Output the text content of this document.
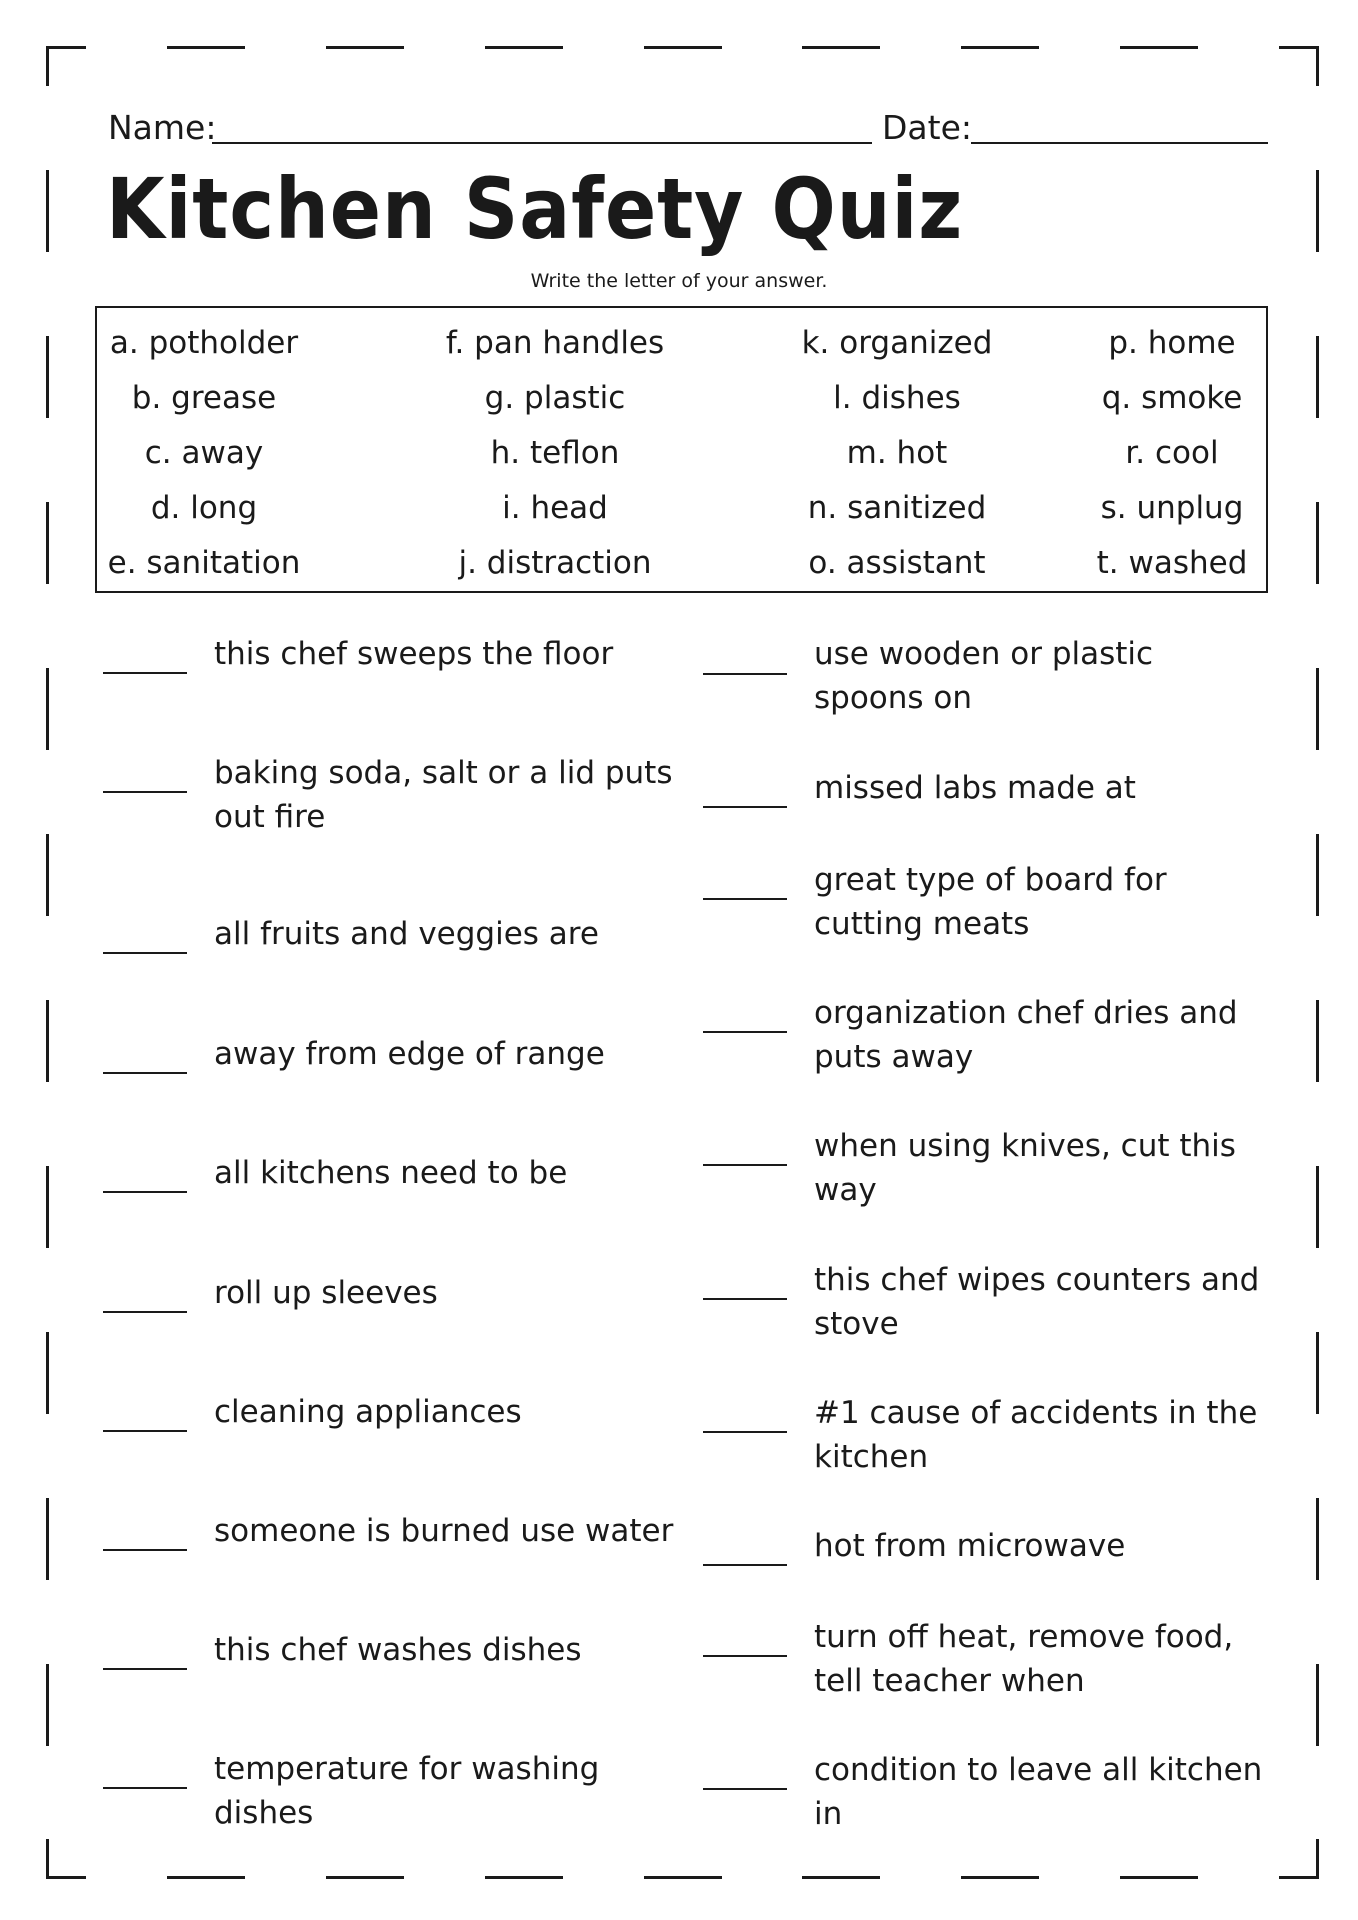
Name:	Date:
Kitchen Safety Quiz
Write the letter of your answer.
a. potholder
b. grease
c. away
d. long
e. sanitation
f. pan handles
g. plastic
h. teflon
i. head
j. distraction
k. organized
l. dishes
m. hot
n. sanitized
o. assistant
p. home
q. smoke
r. cool
s. unplug
t. washed
this chef sweeps the floor
baking soda, salt or a lid puts out fire
all fruits and veggies are
away from edge of range
all kitchens need to be
roll up sleeves
cleaning appliances
someone is burned use water
this chef washes dishes
temperature for washing dishes
use wooden or plastic spoons on
missed labs made at
great type of board for cutting meats
organization chef dries and puts away
when using knives, cut this way
this chef wipes counters and stove
#1 cause of accidents in the kitchen
hot from microwave
turn off heat, remove food, tell teacher when
condition to leave all kitchen in
